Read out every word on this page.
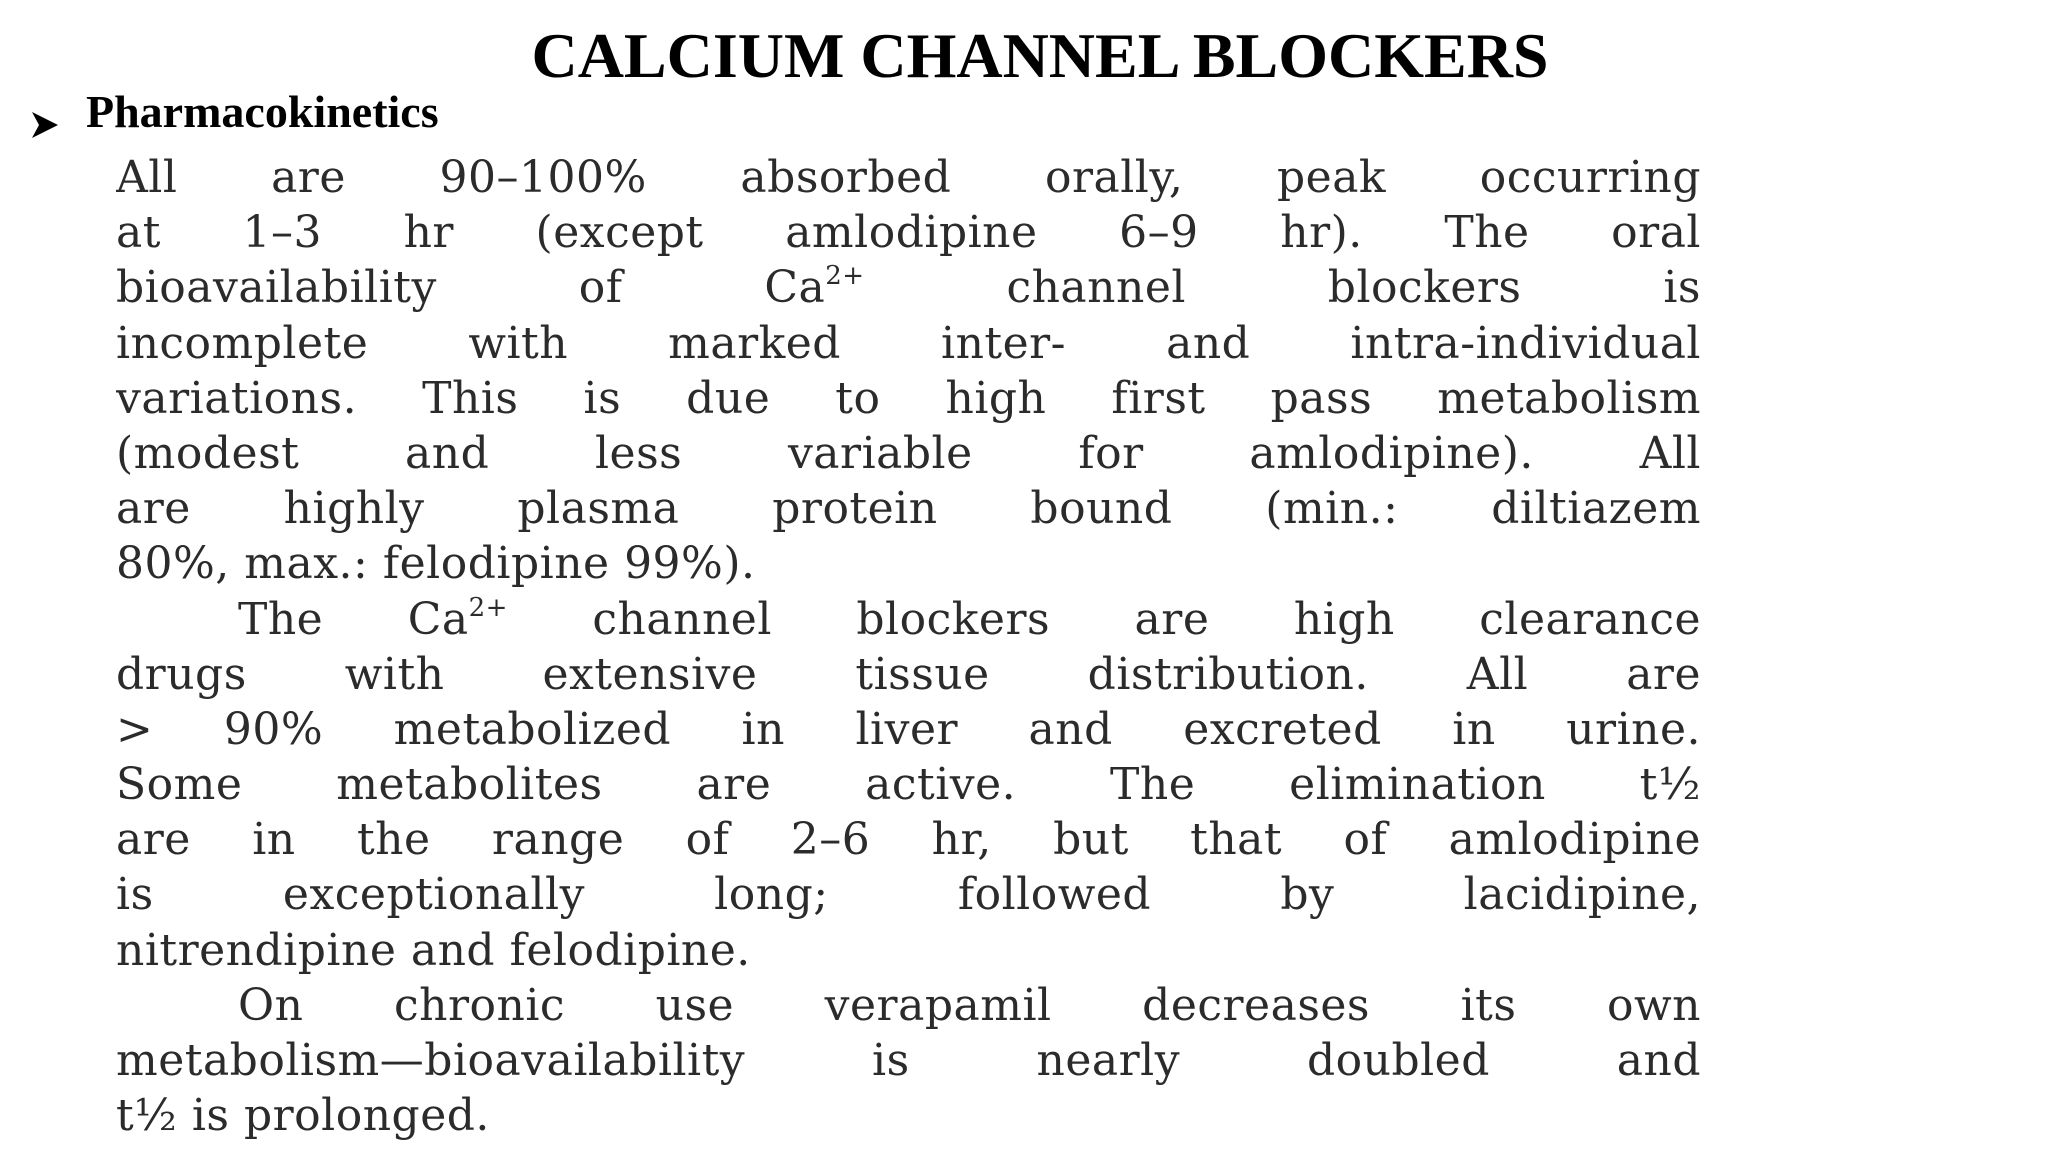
CALCIUM CHANNEL BLOCKERS
Pharmacokinetics
All are 90–100% absorbed orally, peak occurring
at 1–3 hr (except amlodipine 6–9 hr). The oral
bioavailability of $Ca^{2+}$ channel blockers is
incomplete with marked inter- and intra-individual
variations. This is due to high first pass metabolism
(modest and less variable for amlodipine). All
are highly plasma protein bound (min.: diltiazem
80%, max.: felodipine 99%).
The $Ca^{2+}$ channel blockers are high clearance
drugs with extensive tissue distribution. All are
> 90% metabolized in liver and excreted in urine.
Some metabolites are active. The elimination t½
are in the range of 2–6 hr, but that of amlodipine
is exceptionally long; followed by lacidipine,
nitrendipine and felodipine.
On chronic use verapamil decreases its own
metabolism—bioavailability is nearly doubled and
t½ is prolonged.
